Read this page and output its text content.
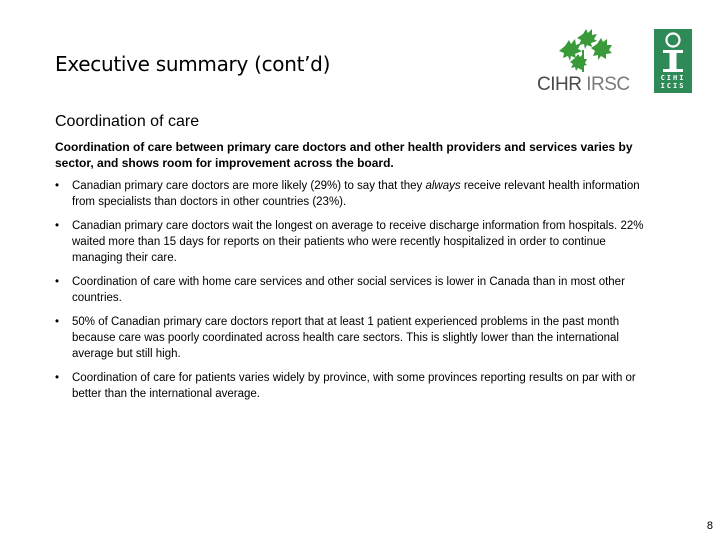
Executive summary (cont’d)
CIHR IRSC	CIHI
ICIS
Coordination of care
Coordination of care between primary care doctors and other health providers and services varies by sector, and shows room for improvement across the board.
• Canadian primary care doctors are more likely (29%) to say that they always receive relevant health information from specialists than doctors in other countries (23%).
• Canadian primary care doctors wait the longest on average to receive discharge information from hospitals. 22% waited more than 15 days for reports on their patients who were recently hospitalized in order to continue managing their care.
• Coordination of care with home care services and other social services is lower in Canada than in most other countries.
• 50% of Canadian primary care doctors report that at least 1 patient experienced problems in the past month because care was poorly coordinated across health care sectors. This is slightly lower than the international average but still high.
• Coordination of care for patients varies widely by province, with some provinces reporting results on par with or better than the international average.
8
